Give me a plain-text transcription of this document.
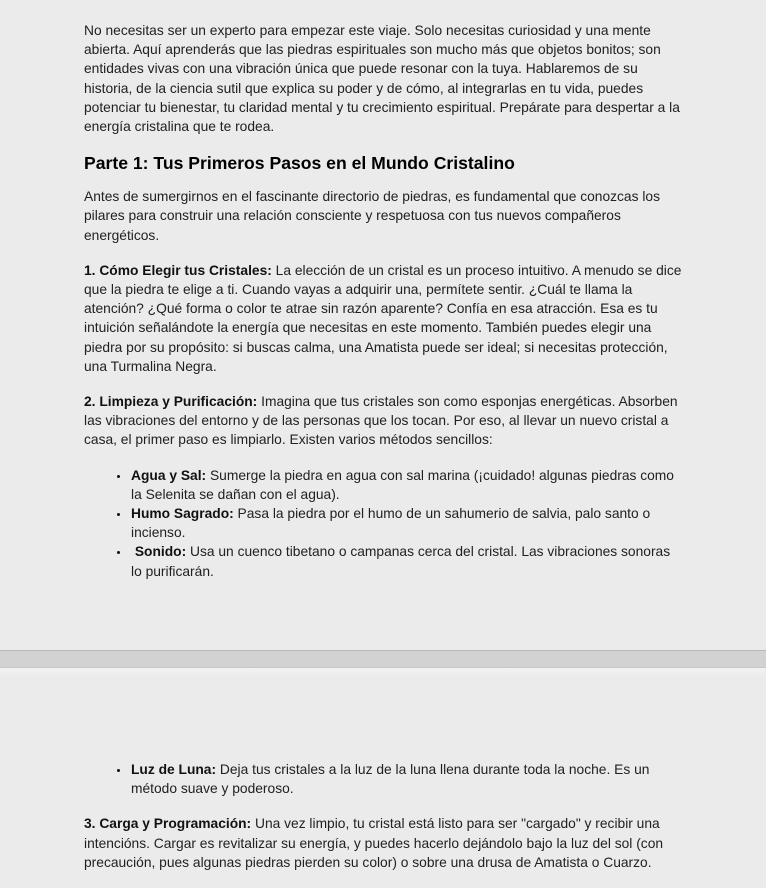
No necesitas ser un experto para empezar este viaje. Solo necesitas curiosidad y una mente abierta. Aquí aprenderás que las piedras espirituales son mucho más que objetos bonitos; son entidades vivas con una vibración única que puede resonar con la tuya. Hablaremos de su historia, de la ciencia sutil que explica su poder y de cómo, al integrarlas en tu vida, puedes potenciar tu bienestar, tu claridad mental y tu crecimiento espiritual. Prepárate para despertar a la energía cristalina que te rodea.

Parte 1: Tus Primeros Pasos en el Mundo Cristalino

Antes de sumergirnos en el fascinante directorio de piedras, es fundamental que conozcas los pilares para construir una relación consciente y respetuosa con tus nuevos compañeros energéticos.

1. Cómo Elegir tus Cristales: La elección de un cristal es un proceso intuitivo. A menudo se dice que la piedra te elige a ti. Cuando vayas a adquirir una, permítete sentir. ¿Cuál te llama la atención? ¿Qué forma o color te atrae sin razón aparente? Confía en esa atracción. Esa es tu intuición señalándote la energía que necesitas en este momento. También puedes elegir una piedra por su propósito: si buscas calma, una Amatista puede ser ideal; si necesitas protección, una Turmalina Negra.

2. Limpieza y Purificación: Imagina que tus cristales son como esponjas energéticas. Absorben las vibraciones del entorno y de las personas que los tocan. Por eso, al llevar un nuevo cristal a casa, el primer paso es limpiarlo. Existen varios métodos sencillos:

• Agua y Sal: Sumerge la piedra en agua con sal marina (¡cuidado! algunas piedras como la Selenita se dañan con el agua).
• Humo Sagrado: Pasa la piedra por el humo de un sahumerio de salvia, palo santo o incienso.
•  Sonido: Usa un cuenco tibetano o campanas cerca del cristal. Las vibraciones sonoras lo purificarán.
• Luz de Luna: Deja tus cristales a la luz de la luna llena durante toda la noche. Es un método suave y poderoso.

3. Carga y Programación: Una vez limpio, tu cristal está listo para ser "cargado" y recibir una intencións. Cargar es revitalizar su energía, y puedes hacerlo dejándolo bajo la luz del sol (con precaución, pues algunas piedras pierden su color) o sobre una drusa de Amatista o Cuarzo.
